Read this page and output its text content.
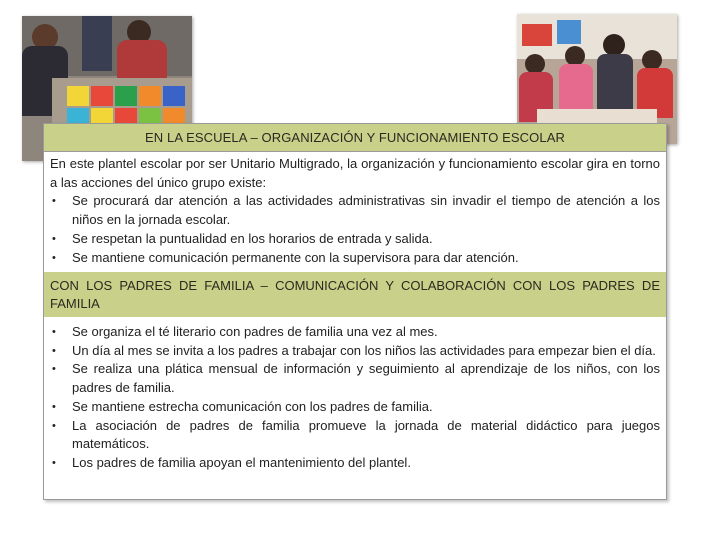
EN LA ESCUELA – ORGANIZACIÓN Y FUNCIONAMIENTO ESCOLAR

En este plantel escolar por ser Unitario Multigrado, la organización y funcionamiento escolar gira en torno a las acciones del único grupo existe:

• Se procurará dar atención a las actividades administrativas sin invadir el tiempo de atención a los niños en la jornada escolar.
• Se respetan la puntualidad en los horarios de entrada y salida.
• Se mantiene comunicación permanente con la supervisora para dar atención.
CON LOS PADRES DE FAMILIA – COMUNICACIÓN Y COLABORACIÓN CON LOS PADRES DE FAMILIA
• Se organiza el té literario con padres de familia una vez al mes.
• Un día al mes se invita a los padres a trabajar con los niños las actividades para empezar bien el día.
• Se realiza una plática mensual de información y seguimiento al aprendizaje de los niños, con los padres de familia.
• Se mantiene estrecha comunicación con los padres de familia.
• La asociación de padres de familia promueve la jornada de material didáctico para juegos matemáticos.
• Los padres de familia apoyan el mantenimiento del plantel.
